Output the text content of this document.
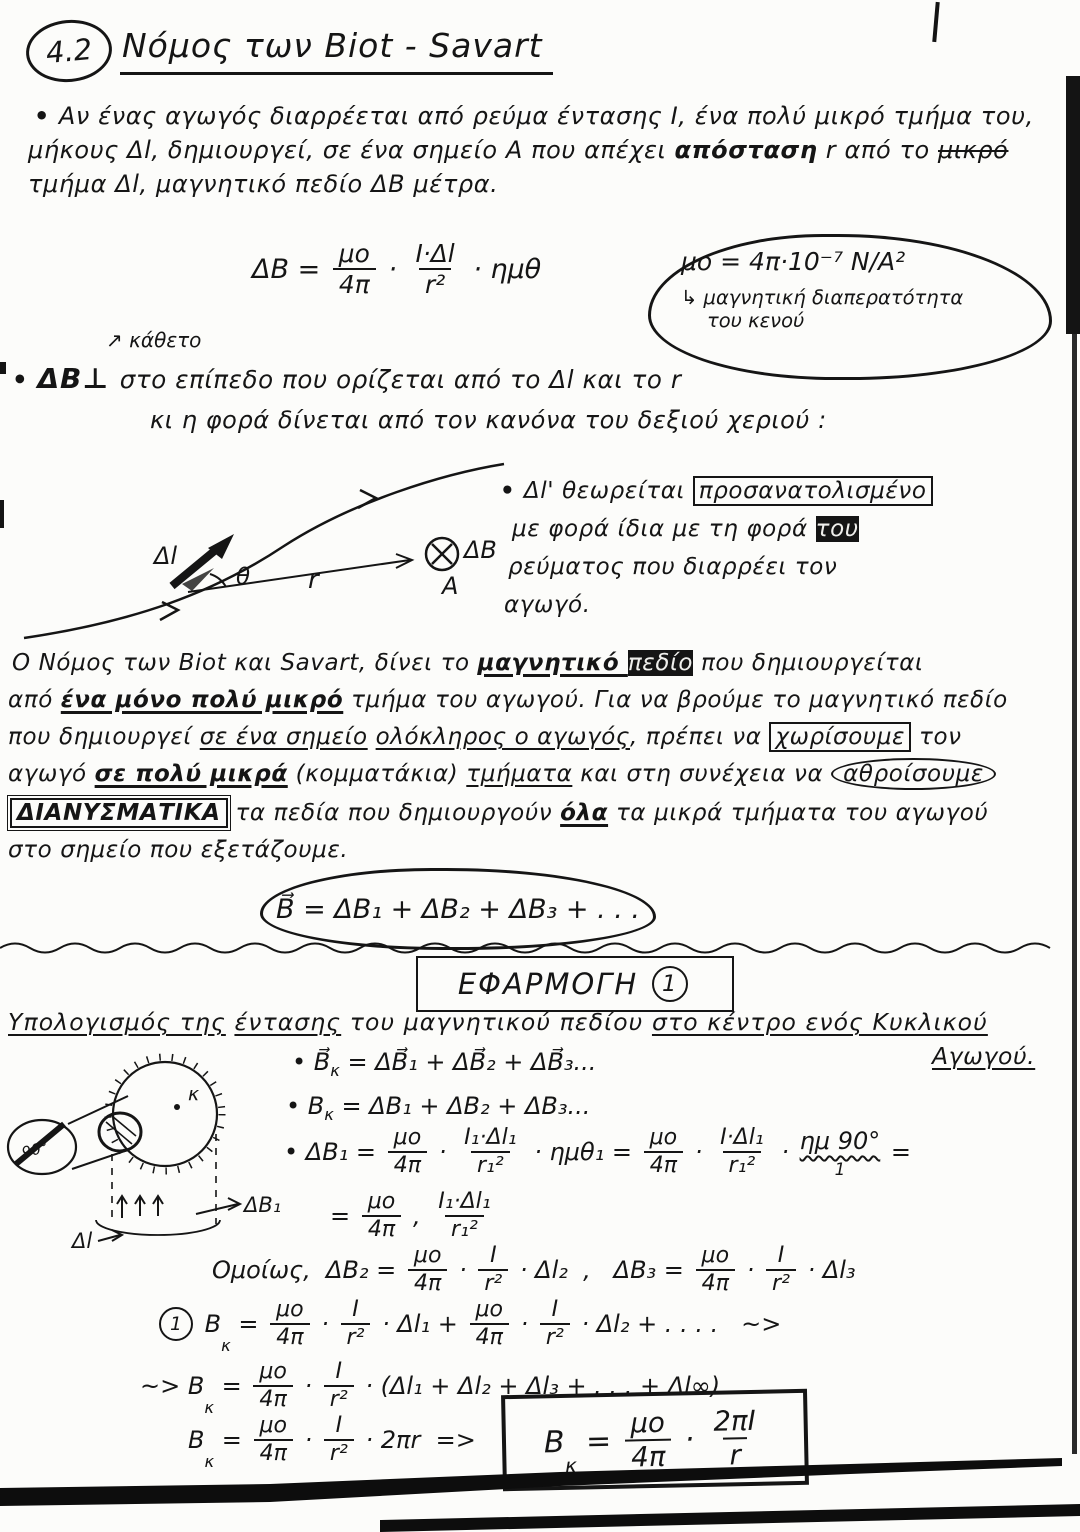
4.2 Νόμος των Biot - Savart
• Αν ένας αγωγός διαρρέεται από ρεύμα έντασης I, ένα πολύ μικρό τμήμα του,
μήκους Δl, δημιουργεί, σε ένα σημείο A που απέχει απόσταση r από το μικρό
τμήμα Δl, μαγνητικό πεδίο ΔB μέτρα.
$\Delta B = \frac{\mu o}{4\pi} \cdot \frac{I\cdot\Delta l}{\text{r²}} \cdot \eta\mu\theta$	μο = 4π·10⁻⁷ N/A²
↳ μαγνητική διαπερατότητα
του κενού
↗ κάθετο
• ΔB⊥ στο επίπεδο που ορίζεται από το Δl και το r
κι η φορά δίνεται από τον κανόνα του δεξιού χεριού :
θ
Δl
r
ΔB
A
• Δl' θεωρείται προσανατολισμένο
με φορά ίδια με τη φορά του
ρεύματος που διαρρέει τον
αγωγό.
Ο Νόμος των Biot και Savart, δίνει το μαγνητικό πεδίο που δημιουργείται
από ένα μόνο πολύ μικρό τμήμα του αγωγού. Για να βρούμε το μαγνητικό πεδίο
που δημιουργεί σε ένα σημείο ολόκληρος ο αγωγός, πρέπει να χωρίσουμε τον
αγωγό σε πολύ μικρά (κομματάκια) τμήματα και στη συνέχεια να αθροίσουμε
ΔΙΑΝΥΣΜΑΤΙΚΑ τα πεδία που δημιουργούν όλα τα μικρά τμήματα του αγωγού
στο σημείο που εξετάζουμε.
B⃗ = ΔB₁ + ΔB₂ + ΔB₃ + . . .
ΕΦΑΡΜΟΓΗ	1
Υπολογισμός της έντασης του μαγνητικού πεδίου στο κέντρο ενός Κυκλικού
Αγωγού.
κ
90°
ΔB₁
Δl
• B⃗ κ = ΔB⃗₁ + ΔB⃗₂ + ΔB⃗₃...
• B κ = ΔB₁ + ΔB₂ + ΔB₃...
• $\Delta B_1 = \frac{\mu o}{4\pi} \cdot \frac{\text{I₁·Δl₁}}{\text{r₁²}} \cdot \eta\mu\theta_1 = \frac{\mu o}{4\pi} \cdot \frac{\text{I·Δl₁}}{\text{r₁²}} \cdot \eta\mu$ 90°
1
=
= $\frac{\mu o}{4\pi}$ , $\frac{\text{I₁·Δl₁}}{\text{r₁²}}$
Ομοίως,  $\Delta B_2 = \frac{\mu o}{4\pi} \cdot \frac{I}{\text{r²}} \cdot \Delta l_2$  ,   $\Delta B_3 = \frac{\mu o}{4\pi} \cdot \frac{I}{\text{r²}} \cdot \Delta l_3$
1 B
κ
= $\frac{\mu o}{4\pi} \cdot \frac{I}{\text{r²}} \cdot \Delta l_1 + \frac{\mu o}{4\pi} \cdot \frac{I}{\text{r²}} \cdot \Delta l_2$ + . . . .   ~>
~> B
κ
= $\frac{\mu o}{4\pi} \cdot \frac{I}{\text{r²}} \cdot (\Delta l_1 + \Delta l_2 + \Delta l_3$ + . . . + Δl∞)
B
κ
= $\frac{\mu o}{4\pi} \cdot \frac{I}{\text{r²}} \cdot 2\pi r => B$
κ
= $\frac{\mu o}{4\pi} \cdot \frac{2\pi I}{r}$
